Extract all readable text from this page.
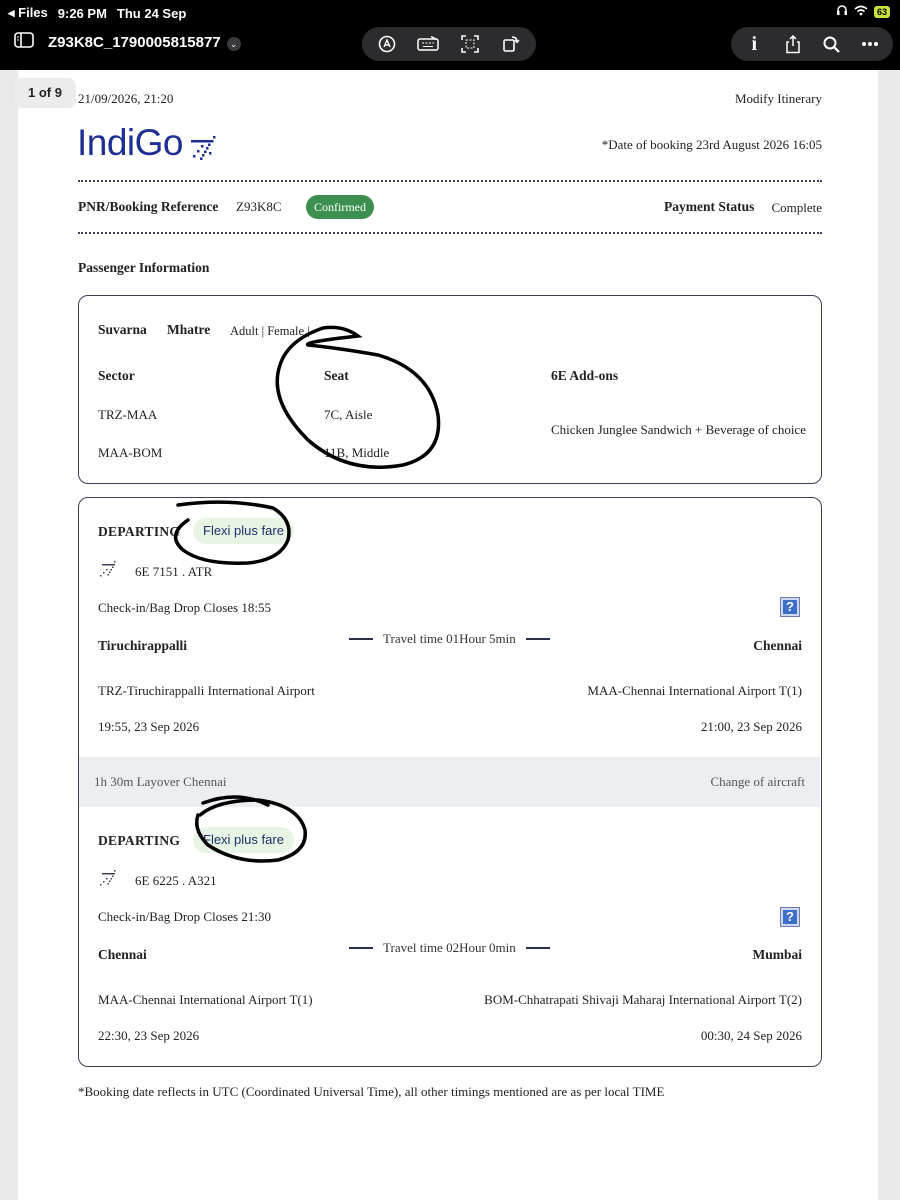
◂ Files 9:26 PM Thu 24 Sep	63
Z93K8C_1790005815877 ⌄	i
21/09/2026, 21:20	Modify Itinerary
IndiGo	*Date of booking 23rd August 2026 16:05
PNR/Booking Reference Z93K8C	Confirmed	Payment Status Complete
Passenger Information
Suvarna Mhatre Adult | Female |
Sector	Seat	6E Add-ons
TRZ-MAA	7C, Aisle
MAA-BOM	11B, Middle
Chicken Junglee Sandwich + Beverage of choice
DEPARTING	Flexi plus fare
6E 7151 . ATR
Check-in/Bag Drop Closes 18:55	?
Tiruchirappalli	Travel time 01Hour 5min	Chennai
TRZ-Tiruchirappalli International Airport	MAA-Chennai International Airport T(1)
19:55, 23 Sep 2026	21:00, 23 Sep 2026
1h 30m Layover Chennai	Change of aircraft
DEPARTING	Flexi plus fare
6E 6225 . A321
Check-in/Bag Drop Closes 21:30	?
Chennai	Travel time 02Hour 0min	Mumbai
MAA-Chennai International Airport T(1)	BOM-Chhatrapati Shivaji Maharaj International Airport T(2)
22:30, 23 Sep 2026	00:30, 24 Sep 2026
*Booking date reflects in UTC (Coordinated Universal Time), all other timings mentioned are as per local TIME
1 of 9
